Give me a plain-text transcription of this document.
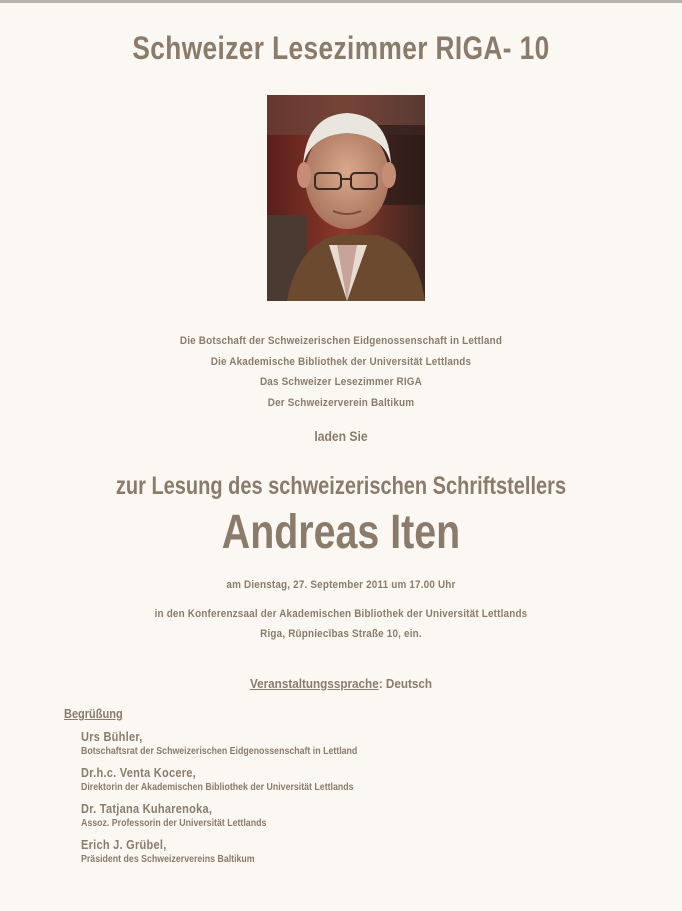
Schweizer Lesezimmer RIGA- 10
Die Botschaft der Schweizerischen Eidgenossenschaft in Lettland
Die Akademische Bibliothek der Universität Lettlands
Das Schweizer Lesezimmer RIGA
Der Schweizerverein Baltikum
laden Sie
zur Lesung des schweizerischen Schriftstellers
Andreas Iten
am Dienstag, 27. September 2011 um 17.00 Uhr
in den Konferenzsaal der Akademischen Bibliothek der Universität Lettlands
Riga, Rūpniecības Straße 10, ein.
Veranstaltungssprache: Deutsch
Begrüßung
Urs Bühler,
Botschaftsrat der Schweizerischen Eidgenossenschaft in Lettland
Dr.h.c. Venta Kocere,
Direktorin der Akademischen Bibliothek der Universität Lettlands
Dr. Tatjana Kuharenoka,
Assoz. Professorin der Universität Lettlands
Erich J. Grübel,
Präsident des Schweizervereins Baltikum
